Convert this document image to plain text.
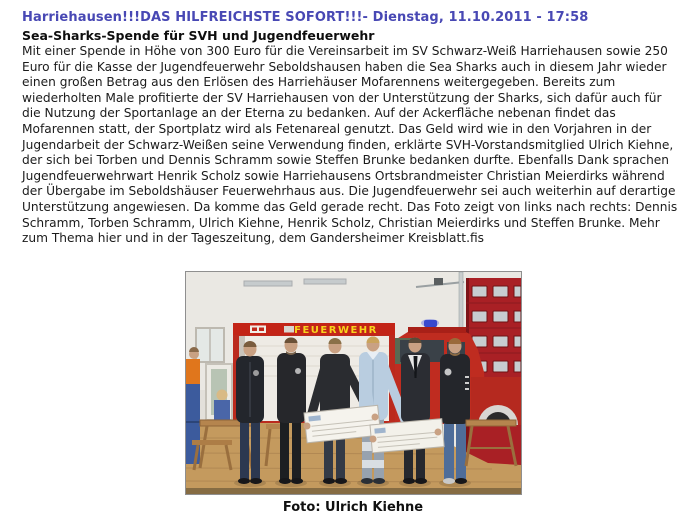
Harriehausen!!!DAS HILFREICHSTE SOFORT!!!- Dienstag, 11.10.2011 - 17:58
Sea-Sharks-Spende für SVH und Jugendfeuerwehr

Mit einer Spende in Höhe von 300 Euro für die Vereinsarbeit im SV Schwarz-Weiß Harriehausen sowie 250 Euro für die Kasse der Jugendfeuerwehr Seboldshausen haben die Sea Sharks auch in diesem Jahr wieder einen großen Betrag aus den Erlösen des Harriehäuser Mofarennens weitergegeben. Bereits zum wiederholten Male profitierte der SV Harriehausen von der Unterstützung der Sharks, sich dafür auch für die Nutzung der Sportanlage an der Eterna zu bedanken. Auf der Ackerfläche nebenan findet das Mofarennen statt, der Sportplatz wird als Fetenareal genutzt. Das Geld wird wie in den Vorjahren in der Jugendarbeit der Schwarz-Weißen seine Verwendung finden, erklärte SVH-Vorstandsmitglied Ulrich Kiehne, der sich bei Torben und Dennis Schramm sowie Steffen Brunke bedanken durfte. Ebenfalls Dank sprachen Jugendfeuerwehrwart Henrik Scholz sowie Harriehausens Ortsbrandmeister Christian Meierdirks während der Übergabe im Seboldshäuser Feuerwehrhaus aus. Die Jugendfeuerwehr sei auch weiterhin auf derartige Unterstützung angewiesen. Da komme das Geld gerade recht. Das Foto zeigt von links nach rechts: Dennis Schramm, Torben Schramm, Ulrich Kiehne, Henrik Scholz, Christian Meierdirks und Steffen Brunke. Mehr zum Thema hier und in der Tageszeitung, dem Gandersheimer Kreisblatt.fis

FEUERWEHR
Foto: Ulrich Kiehne
